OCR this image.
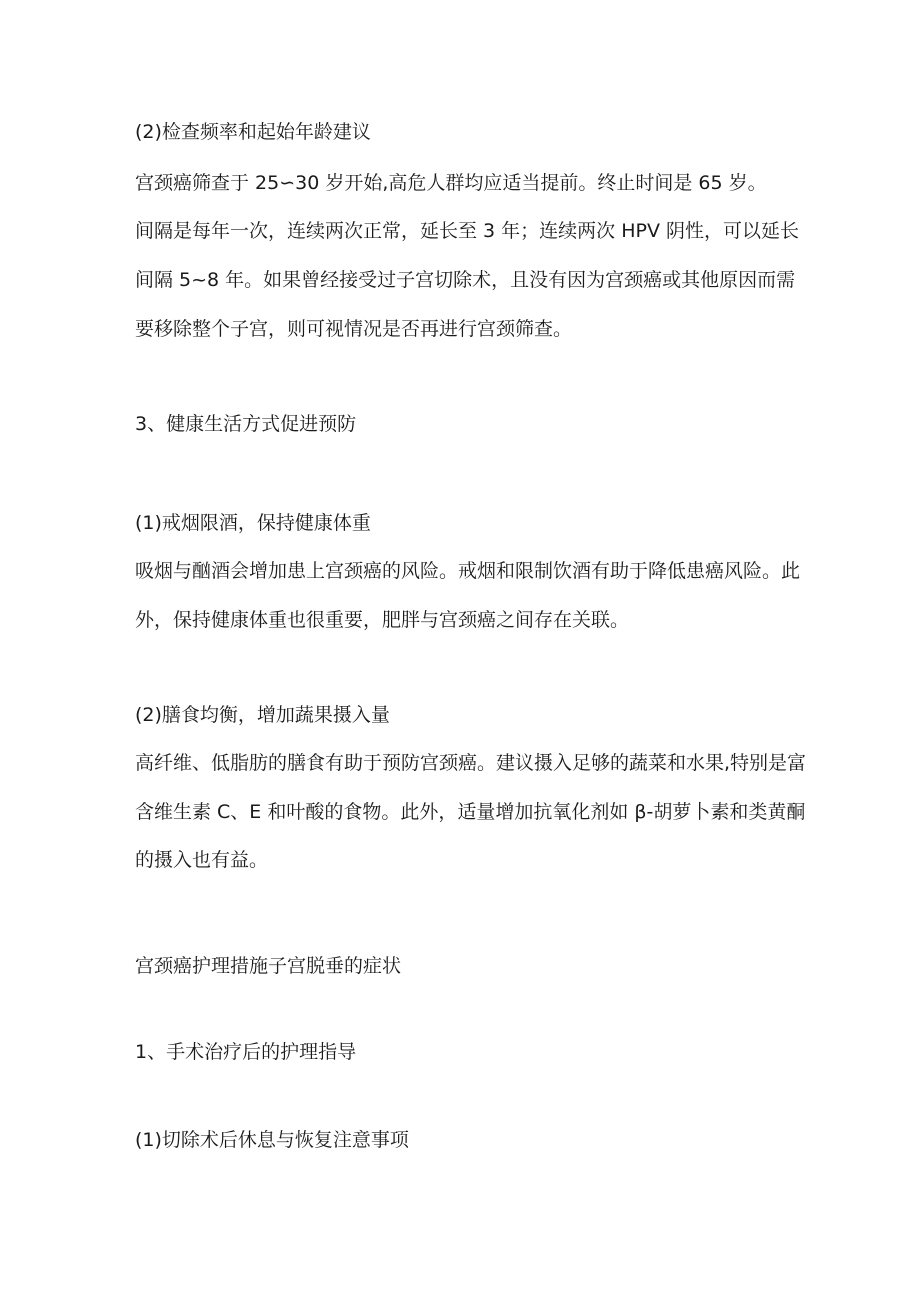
(2)检查频率和起始年龄建议

宫颈癌筛查于 25∽30 岁开始,高危人群均应适当提前。终止时间是 65 岁。

间隔是每年一次，连续两次正常，延长至 3 年；连续两次 HPV 阴性，可以延长

间隔 5~8 年。如果曾经接受过子宫切除术，且没有因为宫颈癌或其他原因而需

要移除整个子宫，则可视情况是否再进行宫颈筛查。

3、健康生活方式促进预防

(1)戒烟限酒，保持健康体重

吸烟与酗酒会增加患上宫颈癌的风险。戒烟和限制饮酒有助于降低患癌风险。此

外，保持健康体重也很重要，肥胖与宫颈癌之间存在关联。

(2)膳食均衡，增加蔬果摄入量

高纤维、低脂肪的膳食有助于预防宫颈癌。建议摄入足够的蔬菜和水果,特别是富

含维生素 C、E 和叶酸的食物。此外，适量增加抗氧化剂如 β-胡萝卜素和类黄酮

的摄入也有益。

宫颈癌护理措施子宫脱垂的症状

1、手术治疗后的护理指导

(1)切除术后休息与恢复注意事项
